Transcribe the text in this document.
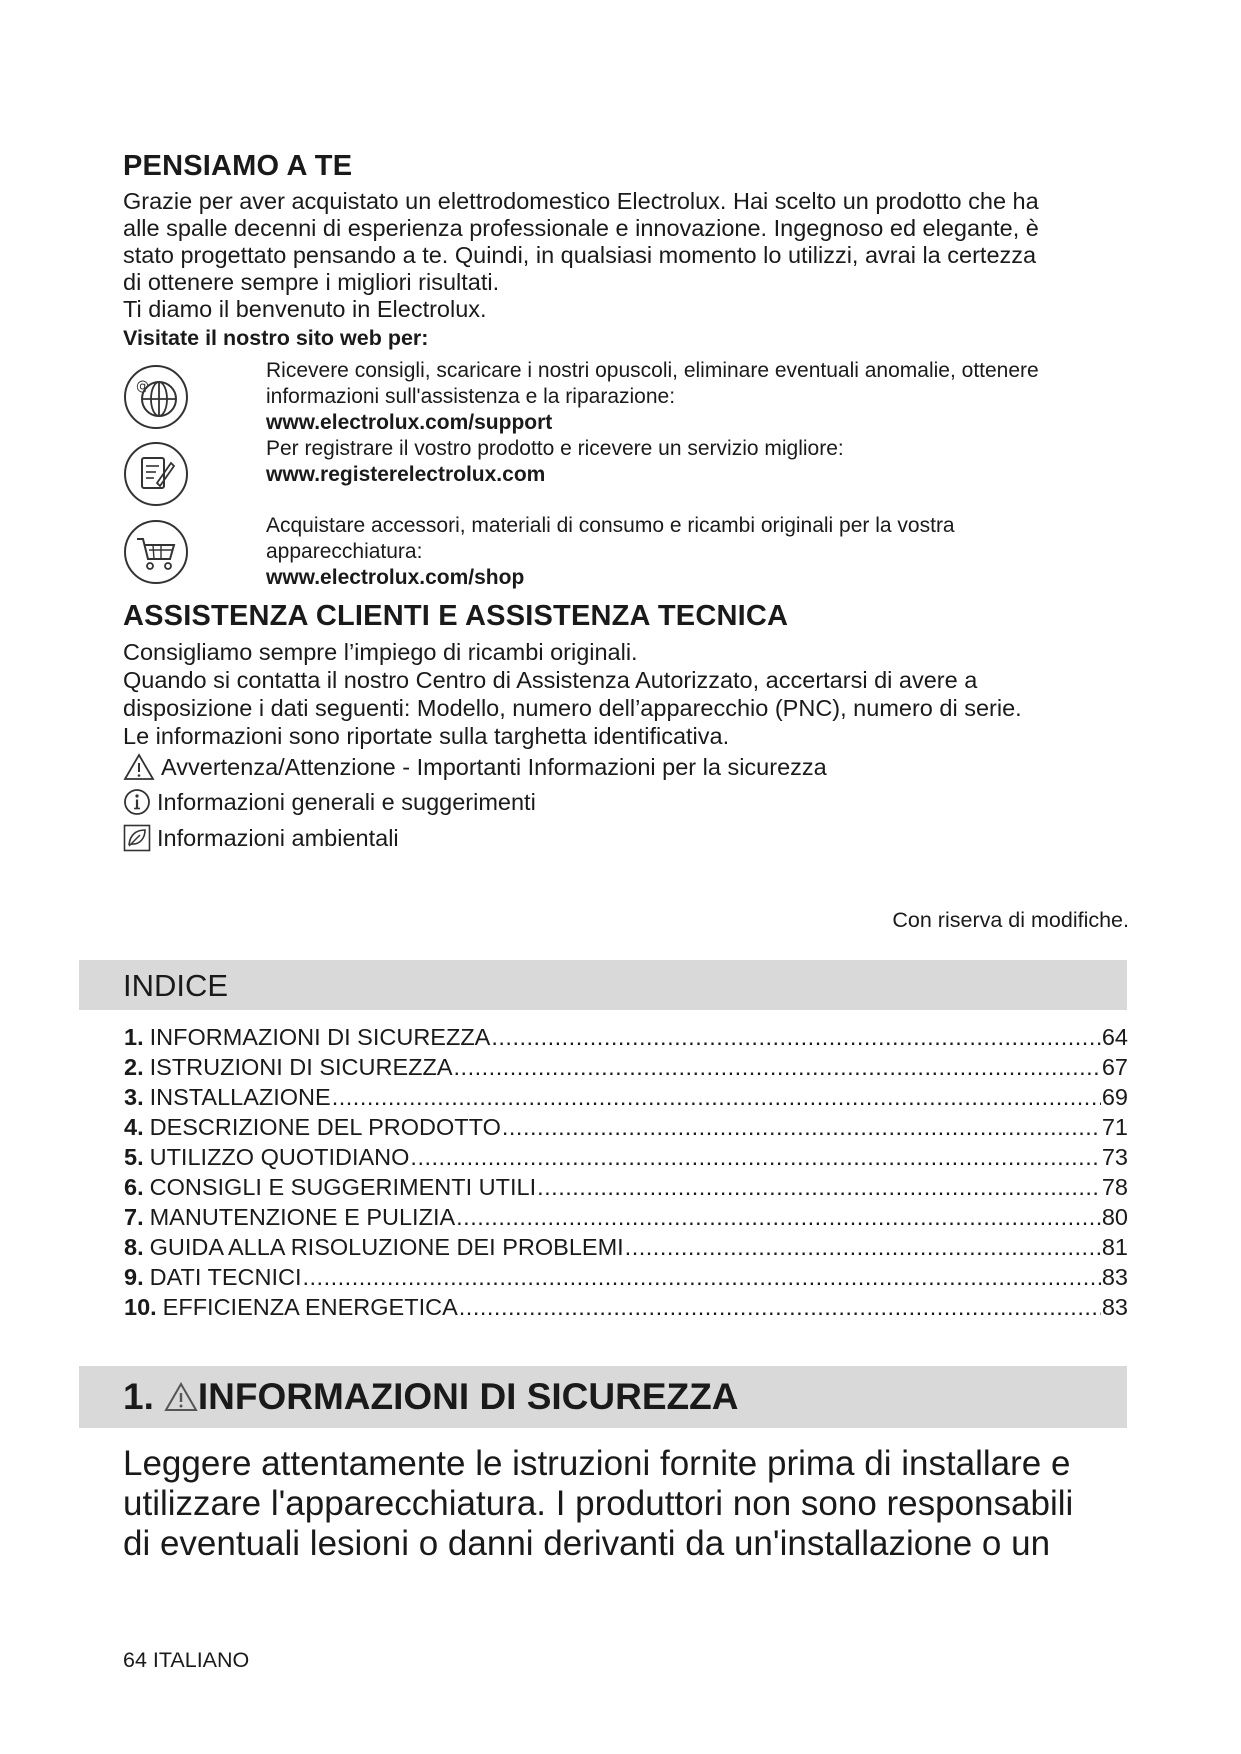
PENSIAMO A TE
Grazie per aver acquistato un elettrodomestico Electrolux. Hai scelto un prodotto che ha
alle spalle decenni di esperienza professionale e innovazione. Ingegnoso ed elegante, è
stato progettato pensando a te. Quindi, in qualsiasi momento lo utilizzi, avrai la certezza
di ottenere sempre i migliori risultati.
Ti diamo il benvenuto in Electrolux.
Visitate il nostro sito web per:
@
Ricevere consigli, scaricare i nostri opuscoli, eliminare eventuali anomalie, ottenere
informazioni sull'assistenza e la riparazione:
www.electrolux.com/support
Per registrare il vostro prodotto e ricevere un servizio migliore:
www.registerelectrolux.com
Acquistare accessori, materiali di consumo e ricambi originali per la vostra
apparecchiatura:
www.electrolux.com/shop
ASSISTENZA CLIENTI E ASSISTENZA TECNICA
Consigliamo sempre l’impiego di ricambi originali.
Quando si contatta il nostro Centro di Assistenza Autorizzato, accertarsi di avere a
disposizione i dati seguenti: Modello, numero dell’apparecchio (PNC), numero di serie.
Le informazioni sono riportate sulla targhetta identificativa.
Avvertenza/Attenzione - Importanti Informazioni per la sicurezza
Informazioni generali e suggerimenti
Informazioni ambientali
Con riserva di modifiche.
INDICE
1. INFORMAZIONI DI SICUREZZA .....	64
2. ISTRUZIONI DI SICUREZZA .....	67
3. INSTALLAZIONE .....	69
4. DESCRIZIONE DEL PRODOTTO .....	71
5. UTILIZZO QUOTIDIANO .....	73
6. CONSIGLI E SUGGERIMENTI UTILI .....	78
7. MANUTENZIONE E PULIZIA .....	80
8. GUIDA ALLA RISOLUZIONE DEI PROBLEMI .....	81
9. DATI TECNICI .....	83
10. EFFICIENZA ENERGETICA .....	83
1. INFORMAZIONI DI SICUREZZA
Leggere attentamente le istruzioni fornite prima di installare e
utilizzare l'apparecchiatura. I produttori non sono responsabili
di eventuali lesioni o danni derivanti da un'installazione o un
64 ITALIANO
